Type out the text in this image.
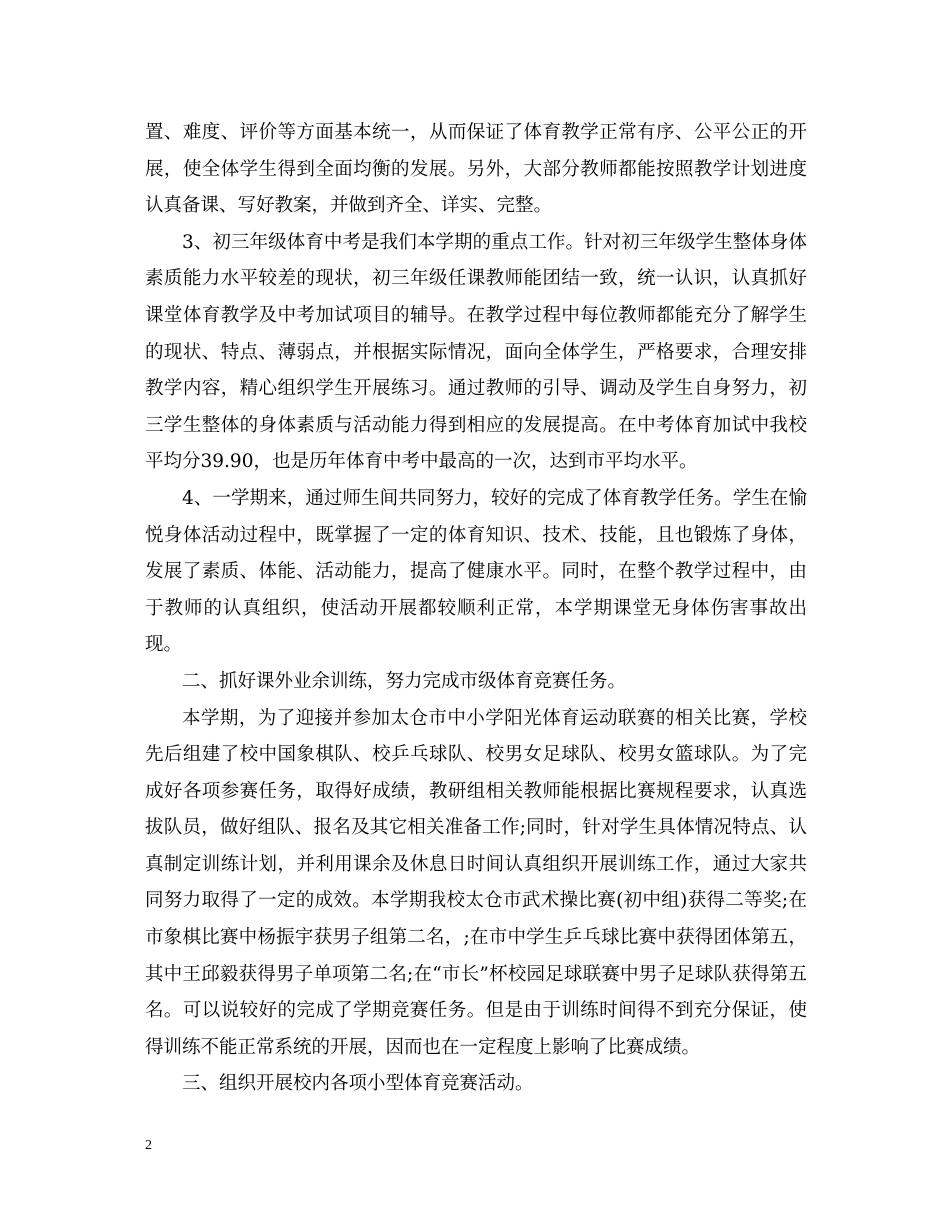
置、难度、评价等方面基本统一，从而保证了体育教学正常有序、公平公正的开展，使全体学生得到全面均衡的发展。另外，大部分教师都能按照教学计划进度认真备课、写好教案，并做到齐全、详实、完整。

3、初三年级体育中考是我们本学期的重点工作。针对初三年级学生整体身体素质能力水平较差的现状，初三年级任课教师能团结一致，统一认识，认真抓好课堂体育教学及中考加试项目的辅导。在教学过程中每位教师都能充分了解学生的现状、特点、薄弱点，并根据实际情况，面向全体学生，严格要求，合理安排教学内容，精心组织学生开展练习。通过教师的引导、调动及学生自身努力，初三学生整体的身体素质与活动能力得到相应的发展提高。在中考体育加试中我校平均分39.90，也是历年体育中考中最高的一次，达到市平均水平。

4、一学期来，通过师生间共同努力，较好的完成了体育教学任务。学生在愉悦身体活动过程中，既掌握了一定的体育知识、技术、技能，且也锻炼了身体，发展了素质、体能、活动能力，提高了健康水平。同时，在整个教学过程中，由于教师的认真组织，使活动开展都较顺利正常，本学期课堂无身体伤害事故出现。

二、抓好课外业余训练，努力完成市级体育竞赛任务。

本学期，为了迎接并参加太仓市中小学阳光体育运动联赛的相关比赛，学校先后组建了校中国象棋队、校乒乓球队、校男女足球队、校男女篮球队。为了完成好各项参赛任务，取得好成绩，教研组相关教师能根据比赛规程要求，认真选拔队员，做好组队、报名及其它相关准备工作;同时，针对学生具体情况特点、认真制定训练计划，并利用课余及休息日时间认真组织开展训练工作，通过大家共同努力取得了一定的成效。本学期我校太仓市武术操比赛(初中组)获得二等奖;在市象棋比赛中杨振宇获男子组第二名，;在市中学生乒乓球比赛中获得团体第五，其中王邱毅获得男子单项第二名;在“市长”杯校园足球联赛中男子足球队获得第五名。可以说较好的完成了学期竞赛任务。但是由于训练时间得不到充分保证，使得训练不能正常系统的开展，因而也在一定程度上影响了比赛成绩。

三、组织开展校内各项小型体育竞赛活动。

2
